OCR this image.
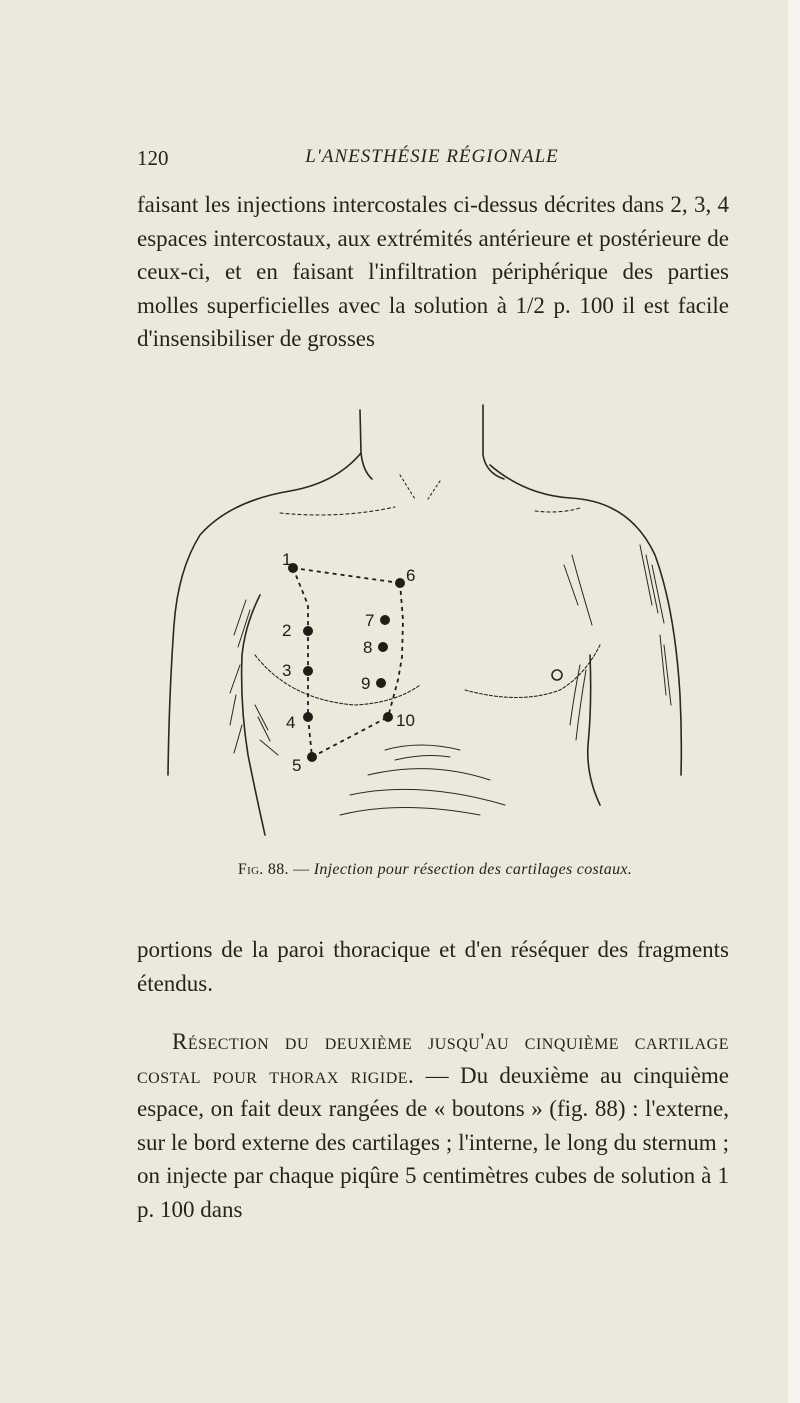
120	L'ANESTHÉSIE RÉGIONALE

faisant les injections intercostales ci-dessus décrites dans 2, 3, 4 espaces intercostaux, aux extrémités antérieure et postérieure de ceux-ci, et en faisant l'infiltration périphérique des parties molles superficielles avec la solution à 1/2 p. 100 il est facile d'insensibiliser de grosses

1
2
3
4
5
6
7
8
9
10
Fig. 88. — Injection pour résection des cartilages costaux.

portions de la paroi thoracique et d'en réséquer des fragments étendus.

Résection du deuxième jusqu'au cinquième cartilage costal pour thorax rigide. — Du deuxième au cinquième espace, on fait deux rangées de « boutons » (fig. 88) : l'externe, sur le bord externe des cartilages ; l'interne, le long du sternum ; on injecte par chaque piqûre 5 centimètres cubes de solution à 1 p. 100 dans
